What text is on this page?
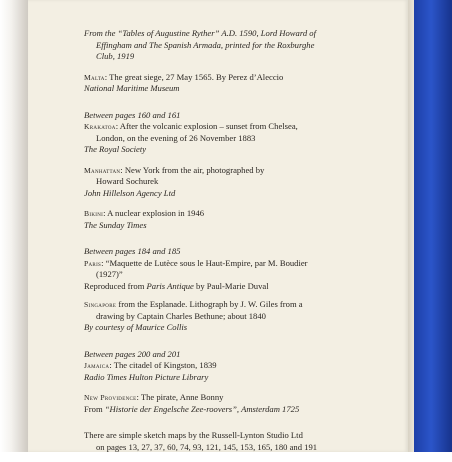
From the “Tables of Augustine Ryther” A.D. 1590, Lord Howard of
Effingham and The Spanish Armada, printed for the Roxburghe
Club, 1919
Malta: The great siege, 27 May 1565. By Perez d’Aleccio
National Maritime Museum
Between pages 160 and 161
Krakatoa: After the volcanic explosion – sunset from Chelsea,
London, on the evening of 26 November 1883
The Royal Society
Manhattan: New York from the air, photographed by
Howard Sochurek
John Hillelson Agency Ltd
Bikini: A nuclear explosion in 1946
The Sunday Times
Between pages 184 and 185
Paris: “Maquette de Lutèce sous le Haut-Empire, par M. Boudier
(1927)”
Reproduced from Paris Antique by Paul-Marie Duval
Singapore from the Esplanade. Lithograph by J. W. Giles from a
drawing by Captain Charles Bethune; about 1840
By courtesy of Maurice Collis
Between pages 200 and 201
Jamaica: The citadel of Kingston, 1839
Radio Times Hulton Picture Library
New Providence: The pirate, Anne Bonny
From “Historie der Engelsche Zee-roovers”, Amsterdam 1725
There are simple sketch maps by the Russell-Lynton Studio Ltd
on pages 13, 27, 37, 60, 74, 93, 121, 145, 153, 165, 180 and 191
